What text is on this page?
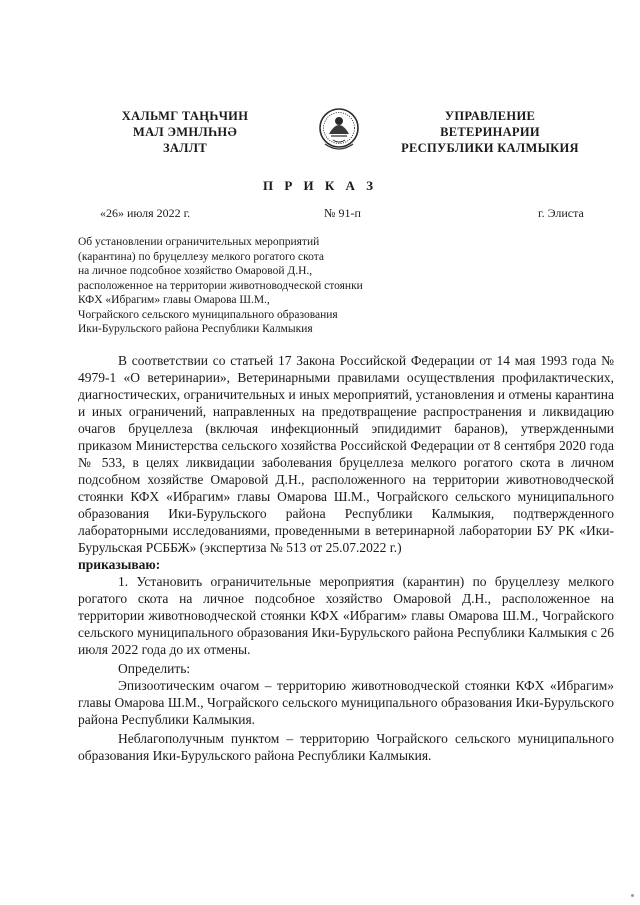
ХАЛЬМГ ТАҢҺЧИН
МАЛ ЭМНЛҺНӘ
ЗАЛЛТ
УПРАВЛЕНИЕ
ВЕТЕРИНАРИИ
РЕСПУБЛИКИ КАЛМЫКИЯ
П Р И К А З
«26» июля 2022 г.	№ 91-п	г. Элиста
Об установлении ограничительных мероприятий
(карантина) по бруцеллезу мелкого рогатого скота
на личное подсобное хозяйство Омаровой Д.Н.,
расположенное на территории животноводческой стоянки
КФХ «Ибрагим» главы Омарова Ш.М.,
Чограйского сельского муниципального образования
Ики-Бурульского района Республики Калмыкия

В соответствии со статьей 17 Закона Российской Федерации от 14 мая 1993 года № 4979-1 «О ветеринарии», Ветеринарными правилами осуществления профилактических, диагностических, ограничительных и иных мероприятий, установления и отмены карантина и иных ограничений, направленных на предотвращение распространения и ликвидацию очагов бруцеллеза (включая инфекционный эпидидимит баранов), утвержденными приказом Министерства сельского хозяйства Российской Федерации от 8 сентября 2020 года № 533, в целях ликвидации заболевания бруцеллеза мелкого рогатого скота в личном подсобном хозяйстве Омаровой Д.Н., расположенного на территории животноводческой стоянки КФХ «Ибрагим» главы Омарова Ш.М., Чограйского сельского муниципального образования Ики-Бурульского района Республики Калмыкия, подтвержденного лабораторными исследованиями, проведенными в ветеринарной лаборатории БУ РК «Ики-Бурульская РСББЖ» (экспертиза № 513 от 25.07.2022 г.)

приказываю:

1. Установить ограничительные мероприятия (карантин) по бруцеллезу мелкого рогатого скота на личное подсобное хозяйство Омаровой Д.Н., расположенное на территории животноводческой стоянки КФХ «Ибрагим» главы Омарова Ш.М., Чограйского сельского муниципального образования Ики-Бурульского района Республики Калмыкия с 26 июля 2022 года до их отмены.

Определить:

Эпизоотическим очагом – территорию животноводческой стоянки КФХ «Ибрагим» главы Омарова Ш.М., Чограйского сельского муниципального образования Ики-Бурульского района Республики Калмыкия.

Неблагополучным пунктом – территорию Чограйского сельского муниципального образования Ики-Бурульского района Республики Калмыкия.
